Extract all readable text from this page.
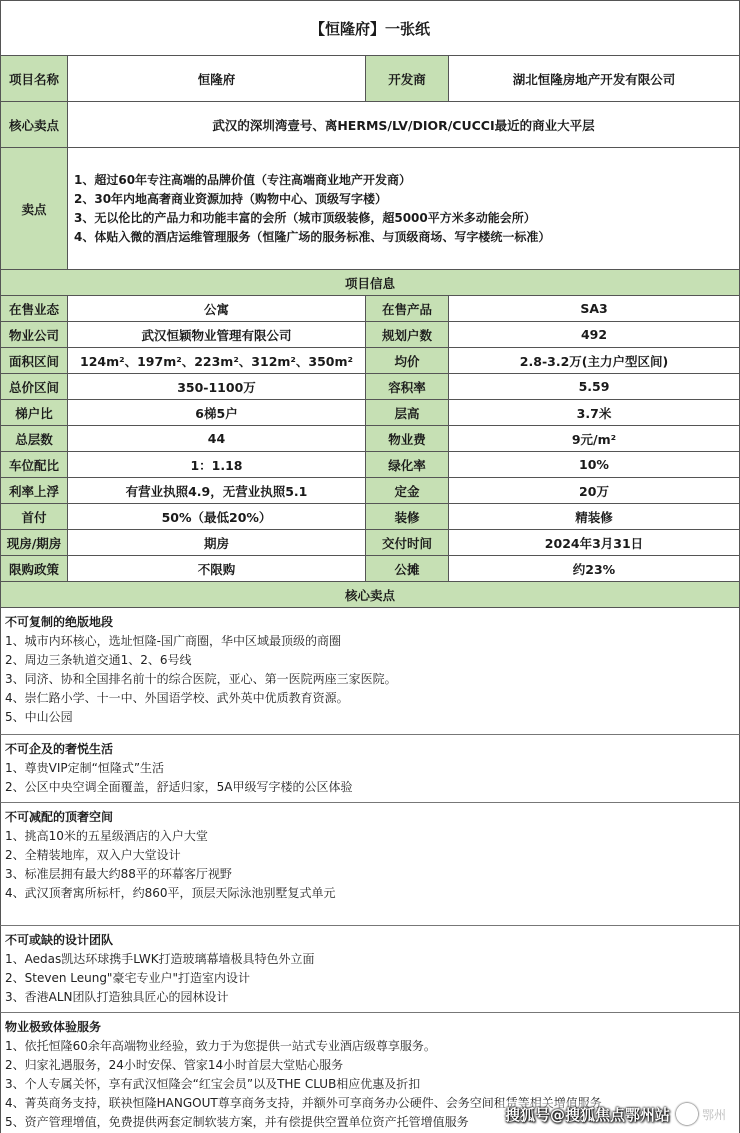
【恒隆府】一张纸
项目名称	恒隆府	开发商	湖北恒隆房地产开发有限公司
核心卖点	武汉的深圳湾壹号、离HERMS/LV/DIOR/CUCCI最近的商业大平层
卖点
1、超过60年专注高端的品牌价值（专注高端商业地产开发商）
2、30年内地高奢商业资源加持（购物中心、顶级写字楼）
3、无以伦比的产品力和功能丰富的会所（城市顶级装修，超5000平方米多动能会所）
4、体贴入微的酒店运维管理服务（恒隆广场的服务标准、与顶级商场、写字楼统一标准）
项目信息
在售业态	公寓	在售产品	SA3
物业公司	武汉恒颖物业管理有限公司	规划户数	492
面积区间	124m²、197m²、223m²、312m²、350m²	均价	2.8-3.2万(主力户型区间)
总价区间	350-1100万	容积率	5.59
梯户比	6梯5户	层高	3.7米
总层数	44	物业费	9元/m²
车位配比	1：1.18	绿化率	10%
利率上浮	有营业执照4.9，无营业执照5.1	定金	20万
首付	50%（最低20%）	装修	精装修
现房/期房	期房	交付时间	2024年3月31日
限购政策	不限购	公摊	约23%
核心卖点
不可复制的绝版地段
1、城市内环核心，选址恒隆-国广商圈，华中区域最顶级的商圈
2、周边三条轨道交通1、2、6号线
3、同济、协和全国排名前十的综合医院，亚心、第一医院两座三家医院。
4、崇仁路小学、十一中、外国语学校、武外英中优质教育资源。
5、中山公园
不可企及的奢悦生活
1、尊贵VIP定制“恒隆式”生活
2、公区中央空调全面覆盖，舒适归家，5A甲级写字楼的公区体验
不可减配的顶奢空间
1、挑高10米的五星级酒店的入户大堂
2、全精装地库，双入户大堂设计
3、标准层拥有最大约88平的环幕客厅视野
4、武汉顶奢寓所标杆，约860平，顶层天际泳池别墅复式单元
不可或缺的设计团队
1、Aedas凯达环球携手LWK打造玻璃幕墙极具特色外立面
2、Steven Leung"豪宅专业户"打造室内设计
3、香港ALN团队打造独具匠心的园林设计
物业极致体验服务
1、依托恒隆60余年高端物业经验，致力于为您提供一站式专业酒店级尊享服务。
2、归家礼遇服务，24小时安保、管家14小时首层大堂贴心服务
3、个人专属关怀，享有武汉恒隆会“红宝会员”以及THE CLUB相应优惠及折扣
4、菁英商务支持，联袂恒隆HANGOUT尊享商务支持，并额外可享商务办公硬件、会务空间租赁等相关增值服务
5、资产管理增值，免费提供两套定制软装方案，并有偿提供空置单位资产托管增值服务	搜狐号@搜狐焦点鄂州站	鄂州
